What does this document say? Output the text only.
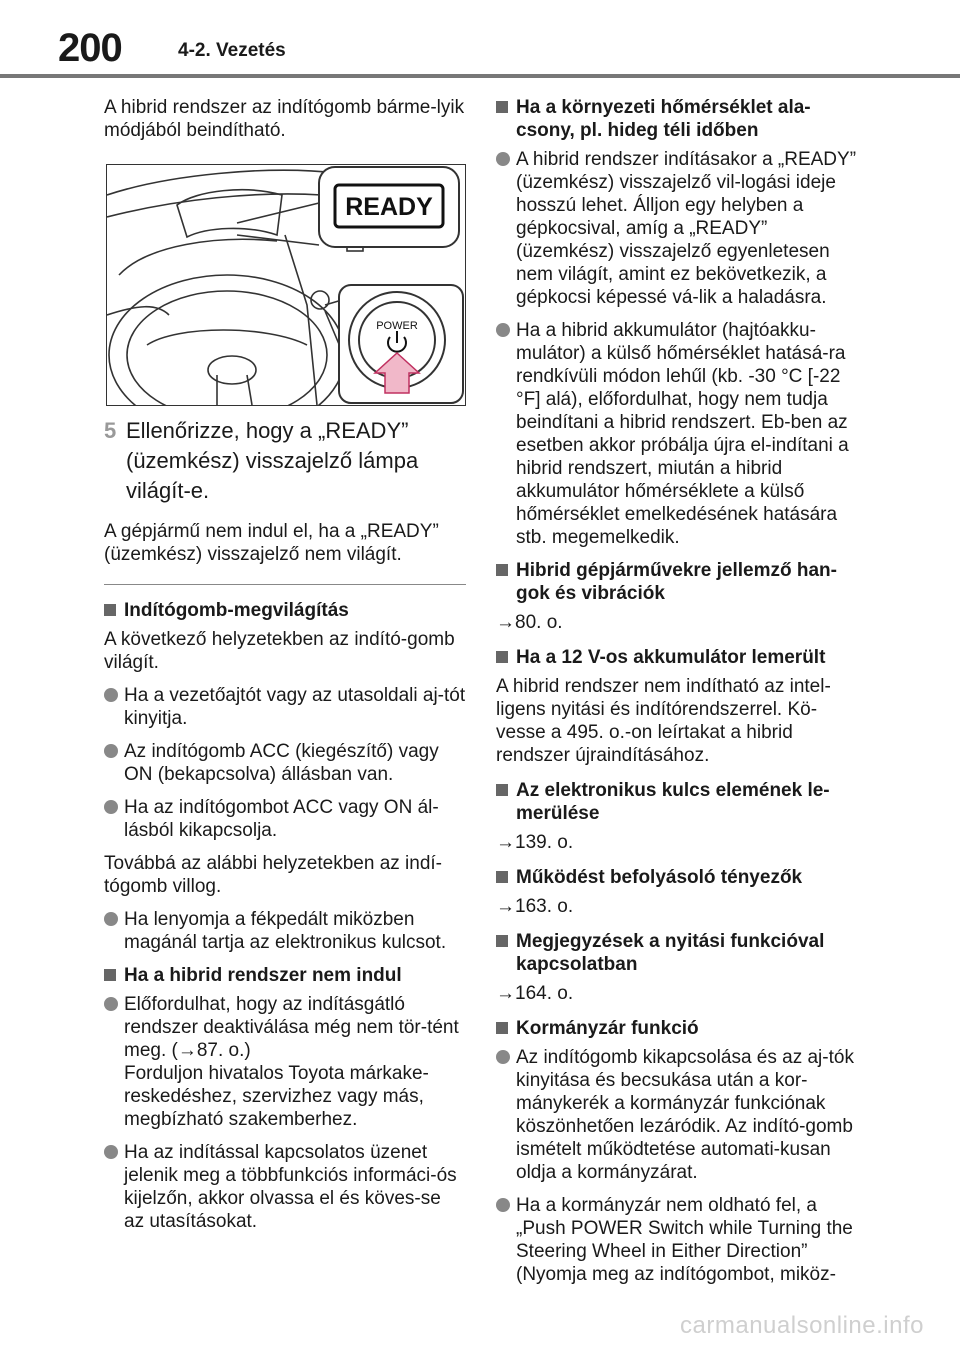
200	4-2. Vezetés

A hibrid rendszer az indítógomb bárme-lyik módjából beindítható.

READY
POWER
5 Ellenőrizze, hogy a „READY” (üzemkész) visszajelző lámpa világít-e.

A gépjármű nem indul el, ha a „READY” (üzemkész) visszajelző nem világít.

Indítógomb-megvilágítás

A következő helyzetekben az indító-gomb világít.

Ha a vezetőajtót vagy az utasoldali aj-tót kinyitja.
Az indítógomb ACC (kiegészítő) vagy ON (bekapcsolva) állásban van.
Ha az indítógombot ACC vagy ON ál-lásból kikapcsolja.

Továbbá az alábbi helyzetekben az indí-tógomb villog.

Ha lenyomja a fékpedált miközben magánál tartja az elektronikus kulcsot.
Ha a hibrid rendszer nem indul
Előfordulhat, hogy az indításgátló rendszer deaktiválása még nem tör-tént meg. (→87. o.)
Forduljon hivatalos Toyota márkake-reskedéshez, szervizhez vagy más, megbízható szakemberhez.
Ha az indítással kapcsolatos üzenet jelenik meg a többfunkciós informáci-ós kijelzőn, akkor olvassa el és köves-se az utasításokat.
Ha a környezeti hőmérséklet ala-csony, pl. hideg téli időben
A hibrid rendszer indításakor a „READY” (üzemkész) visszajelző vil-logási ideje hosszú lehet. Álljon egy helyben a gépkocsival, amíg a „READY” (üzemkész) visszajelző egyenletesen nem világít, amint ez bekövetkezik, a gépkocsi képessé vá-lik a haladásra.
Ha a hibrid akkumulátor (hajtóakku-mulátor) a külső hőmérséklet hatásá-ra rendkívüli módon lehűl (kb. -30 °C [-22 °F] alá), előfordulhat, hogy nem tudja beindítani a hibrid rendszert. Eb-ben az esetben akkor próbálja újra el-indítani a hibrid rendszert, miután a hibrid akkumulátor hőmérséklete a külső hőmérséklet emelkedésének hatására stb. megemelkedik.
Hibrid gépjárművekre jellemző han-gok és vibrációk

→80. o.

Ha a 12 V-os akkumulátor lemerült

A hibrid rendszer nem indítható az intel-ligens nyitási és indítórendszerrel. Kö-vesse a 495. o.-on leírtakat a hibrid rendszer újraindításához.

Az elektronikus kulcs elemének le-merülése

→139. o.

Működést befolyásoló tényezők

→163. o.

Megjegyzések a nyitási funkcióval kapcsolatban

→164. o.

Kormányzár funkció
Az indítógomb kikapcsolása és az aj-tók kinyitása és becsukása után a kor-mánykerék a kormányzár funkciónak köszönhetően lezáródik. Az indító-gomb ismételt működtetése automati-kusan oldja a kormányzárat.
Ha a kormányzár nem oldható fel, a „Push POWER Switch while Turning the Steering Wheel in Either Direction” (Nyomja meg az indítógombot, miköz-
carmanualsonline.info
